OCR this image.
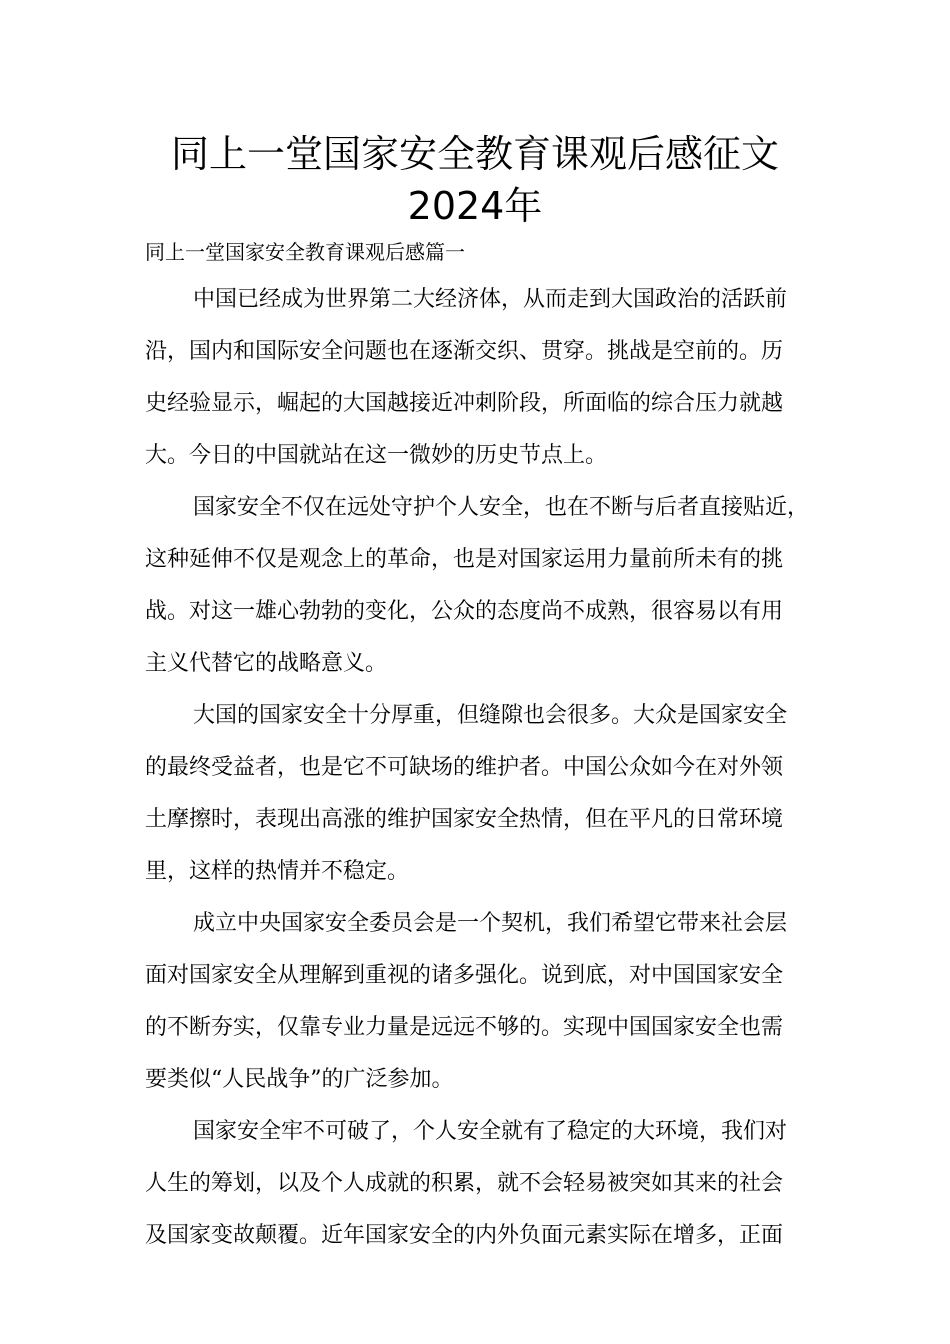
同上一堂国家安全教育课观后感征文
2024年
同上一堂国家安全教育课观后感篇一
中国已经成为世界第二大经济体，从而走到大国政治的活跃前
沿，国内和国际安全问题也在逐渐交织、贯穿。挑战是空前的。历
史经验显示，崛起的大国越接近冲刺阶段，所面临的综合压力就越
大。今日的中国就站在这一微妙的历史节点上。
国家安全不仅在远处守护个人安全，也在不断与后者直接贴近，
这种延伸不仅是观念上的革命，也是对国家运用力量前所未有的挑
战。对这一雄心勃勃的变化，公众的态度尚不成熟，很容易以有用
主义代替它的战略意义。
大国的国家安全十分厚重，但缝隙也会很多。大众是国家安全
的最终受益者，也是它不可缺场的维护者。中国公众如今在对外领
土摩擦时，表现出高涨的维护国家安全热情，但在平凡的日常环境
里，这样的热情并不稳定。
成立中央国家安全委员会是一个契机，我们希望它带来社会层
面对国家安全从理解到重视的诸多强化。说到底，对中国国家安全
的不断夯实，仅靠专业力量是远远不够的。实现中国国家安全也需
要类似“人民战争”的广泛参加。
国家安全牢不可破了，个人安全就有了稳定的大环境，我们对
人生的筹划，以及个人成就的积累，就不会轻易被突如其来的社会
及国家变故颠覆。近年国家安全的内外负面元素实际在增多，正面
